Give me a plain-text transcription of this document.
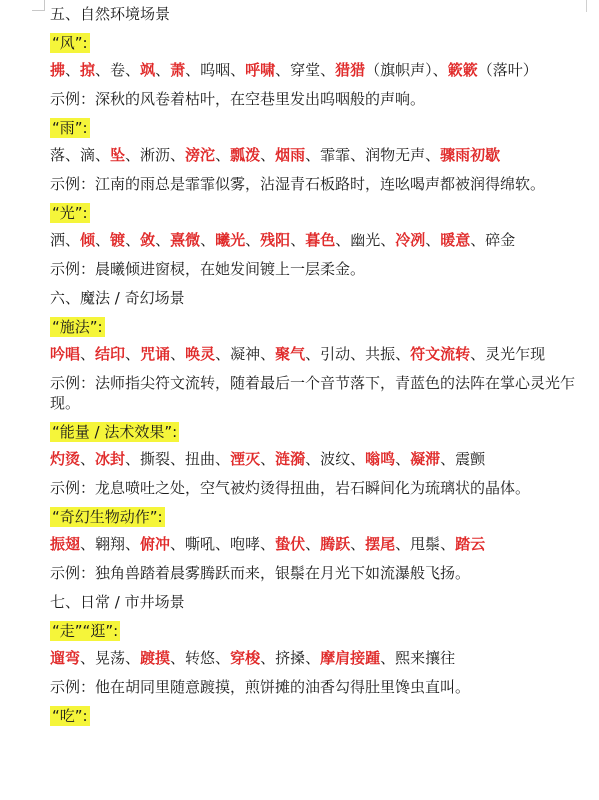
五、自然环境场景
“风”:
拂、掠、卷、飒、萧、呜咽、呼啸、穿堂、猎猎（旗帜声）、簌簌（落叶）
示例：深秋的风卷着枯叶，在空巷里发出呜咽般的声响。
“雨”:
落、滴、坠、淅沥、滂沱、瓢泼、烟雨、霏霏、润物无声、骤雨初歇
示例：江南的雨总是霏霏似雾，沾湿青石板路时，连吆喝声都被润得绵软。
“光”:
洒、倾、镀、敛、熹微、曦光、残阳、暮色、幽光、冷冽、暖意、碎金
示例：晨曦倾进窗棂，在她发间镀上一层柔金。
六、魔法 / 奇幻场景
“施法”:
吟唱、结印、咒诵、唤灵、凝神、聚气、引动、共振、符文流转、灵光乍现
示例：法师指尖符文流转，随着最后一个音节落下，青蓝色的法阵在掌心灵光乍现。
“能量 / 法术效果”:
灼烫、冰封、撕裂、扭曲、湮灭、涟漪、波纹、嗡鸣、凝滞、震颤
示例：龙息喷吐之处，空气被灼烫得扭曲，岩石瞬间化为琉璃状的晶体。
“奇幻生物动作”:
振翅、翱翔、俯冲、嘶吼、咆哮、蛰伏、腾跃、摆尾、甩鬃、踏云
示例：独角兽踏着晨雾腾跃而来，银鬃在月光下如流瀑般飞扬。
七、日常 / 市井场景
“走”“逛”:
遛弯、晃荡、踱摸、转悠、穿梭、挤搡、摩肩接踵、熙来攘往
示例：他在胡同里随意踱摸，煎饼摊的油香勾得肚里馋虫直叫。
“吃”:
